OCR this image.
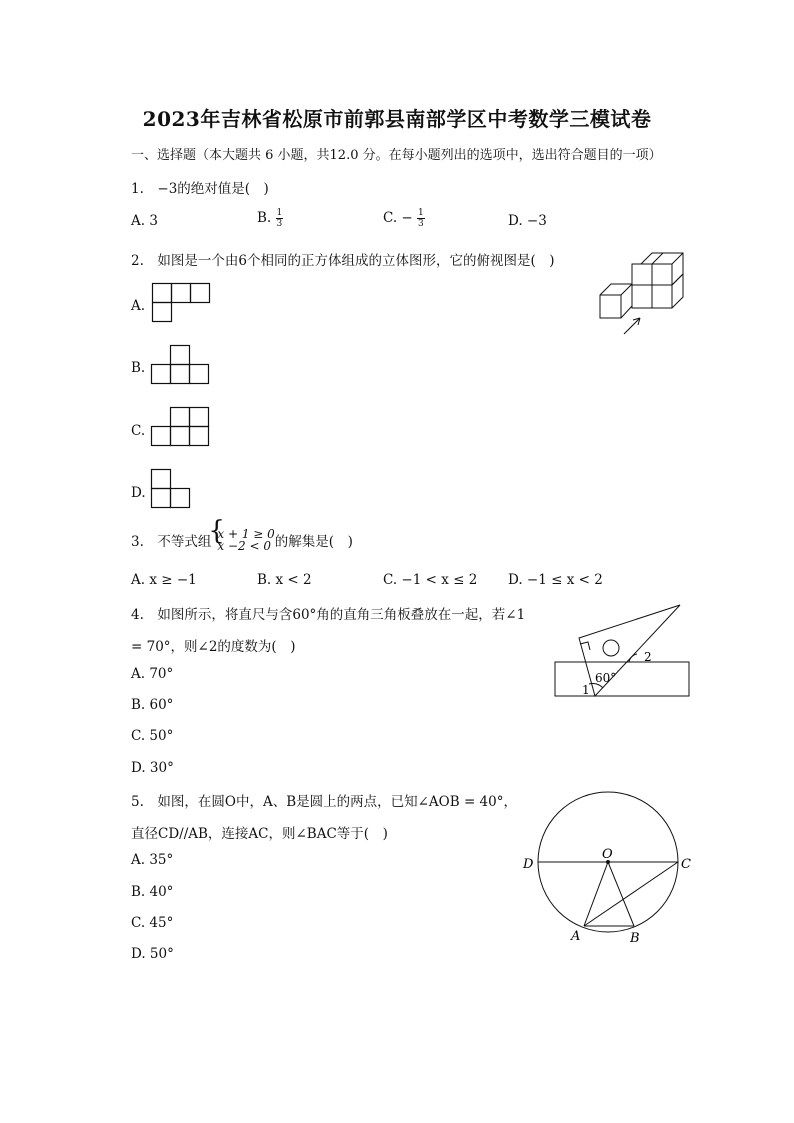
2023年吉林省松原市前郭县南部学区中考数学三模试卷
一、选择题（本大题共 6 小题，共12.0 分。在每小题列出的选项中，选出符合题目的一项）
1.　−3的绝对值是(　)
A. 3	B. $\frac{1}{3}$	C. − $\frac{1}{3}$	D. −3
2.　如图是一个由6个相同的正方体组成的立体图形，它的俯视图是(　)
A.
B.
C.
D.
3.　不等式组
{ x + 1 ≥ 0
x −2 < 0 的解集是(　)
A. x ≥ −1	B. x < 2	C. −1 < x ≤ 2 D. −1 ≤ x < 2
4.　如图所示，将直尺与含60°角的直角三角板叠放在一起，若∠1
= 70°，则∠2的度数为(　)
A. 70°
B. 60°
C. 50°
D. 30°
60°
1
2
5.　如图，在圆O中，A、B是圆上的两点，已知∠AOB = 40°，
直径CD//AB，连接AC，则∠BAC等于(　)
A. 35°
B. 40°
C. 45°
D. 50°
O
C
D
A	B
